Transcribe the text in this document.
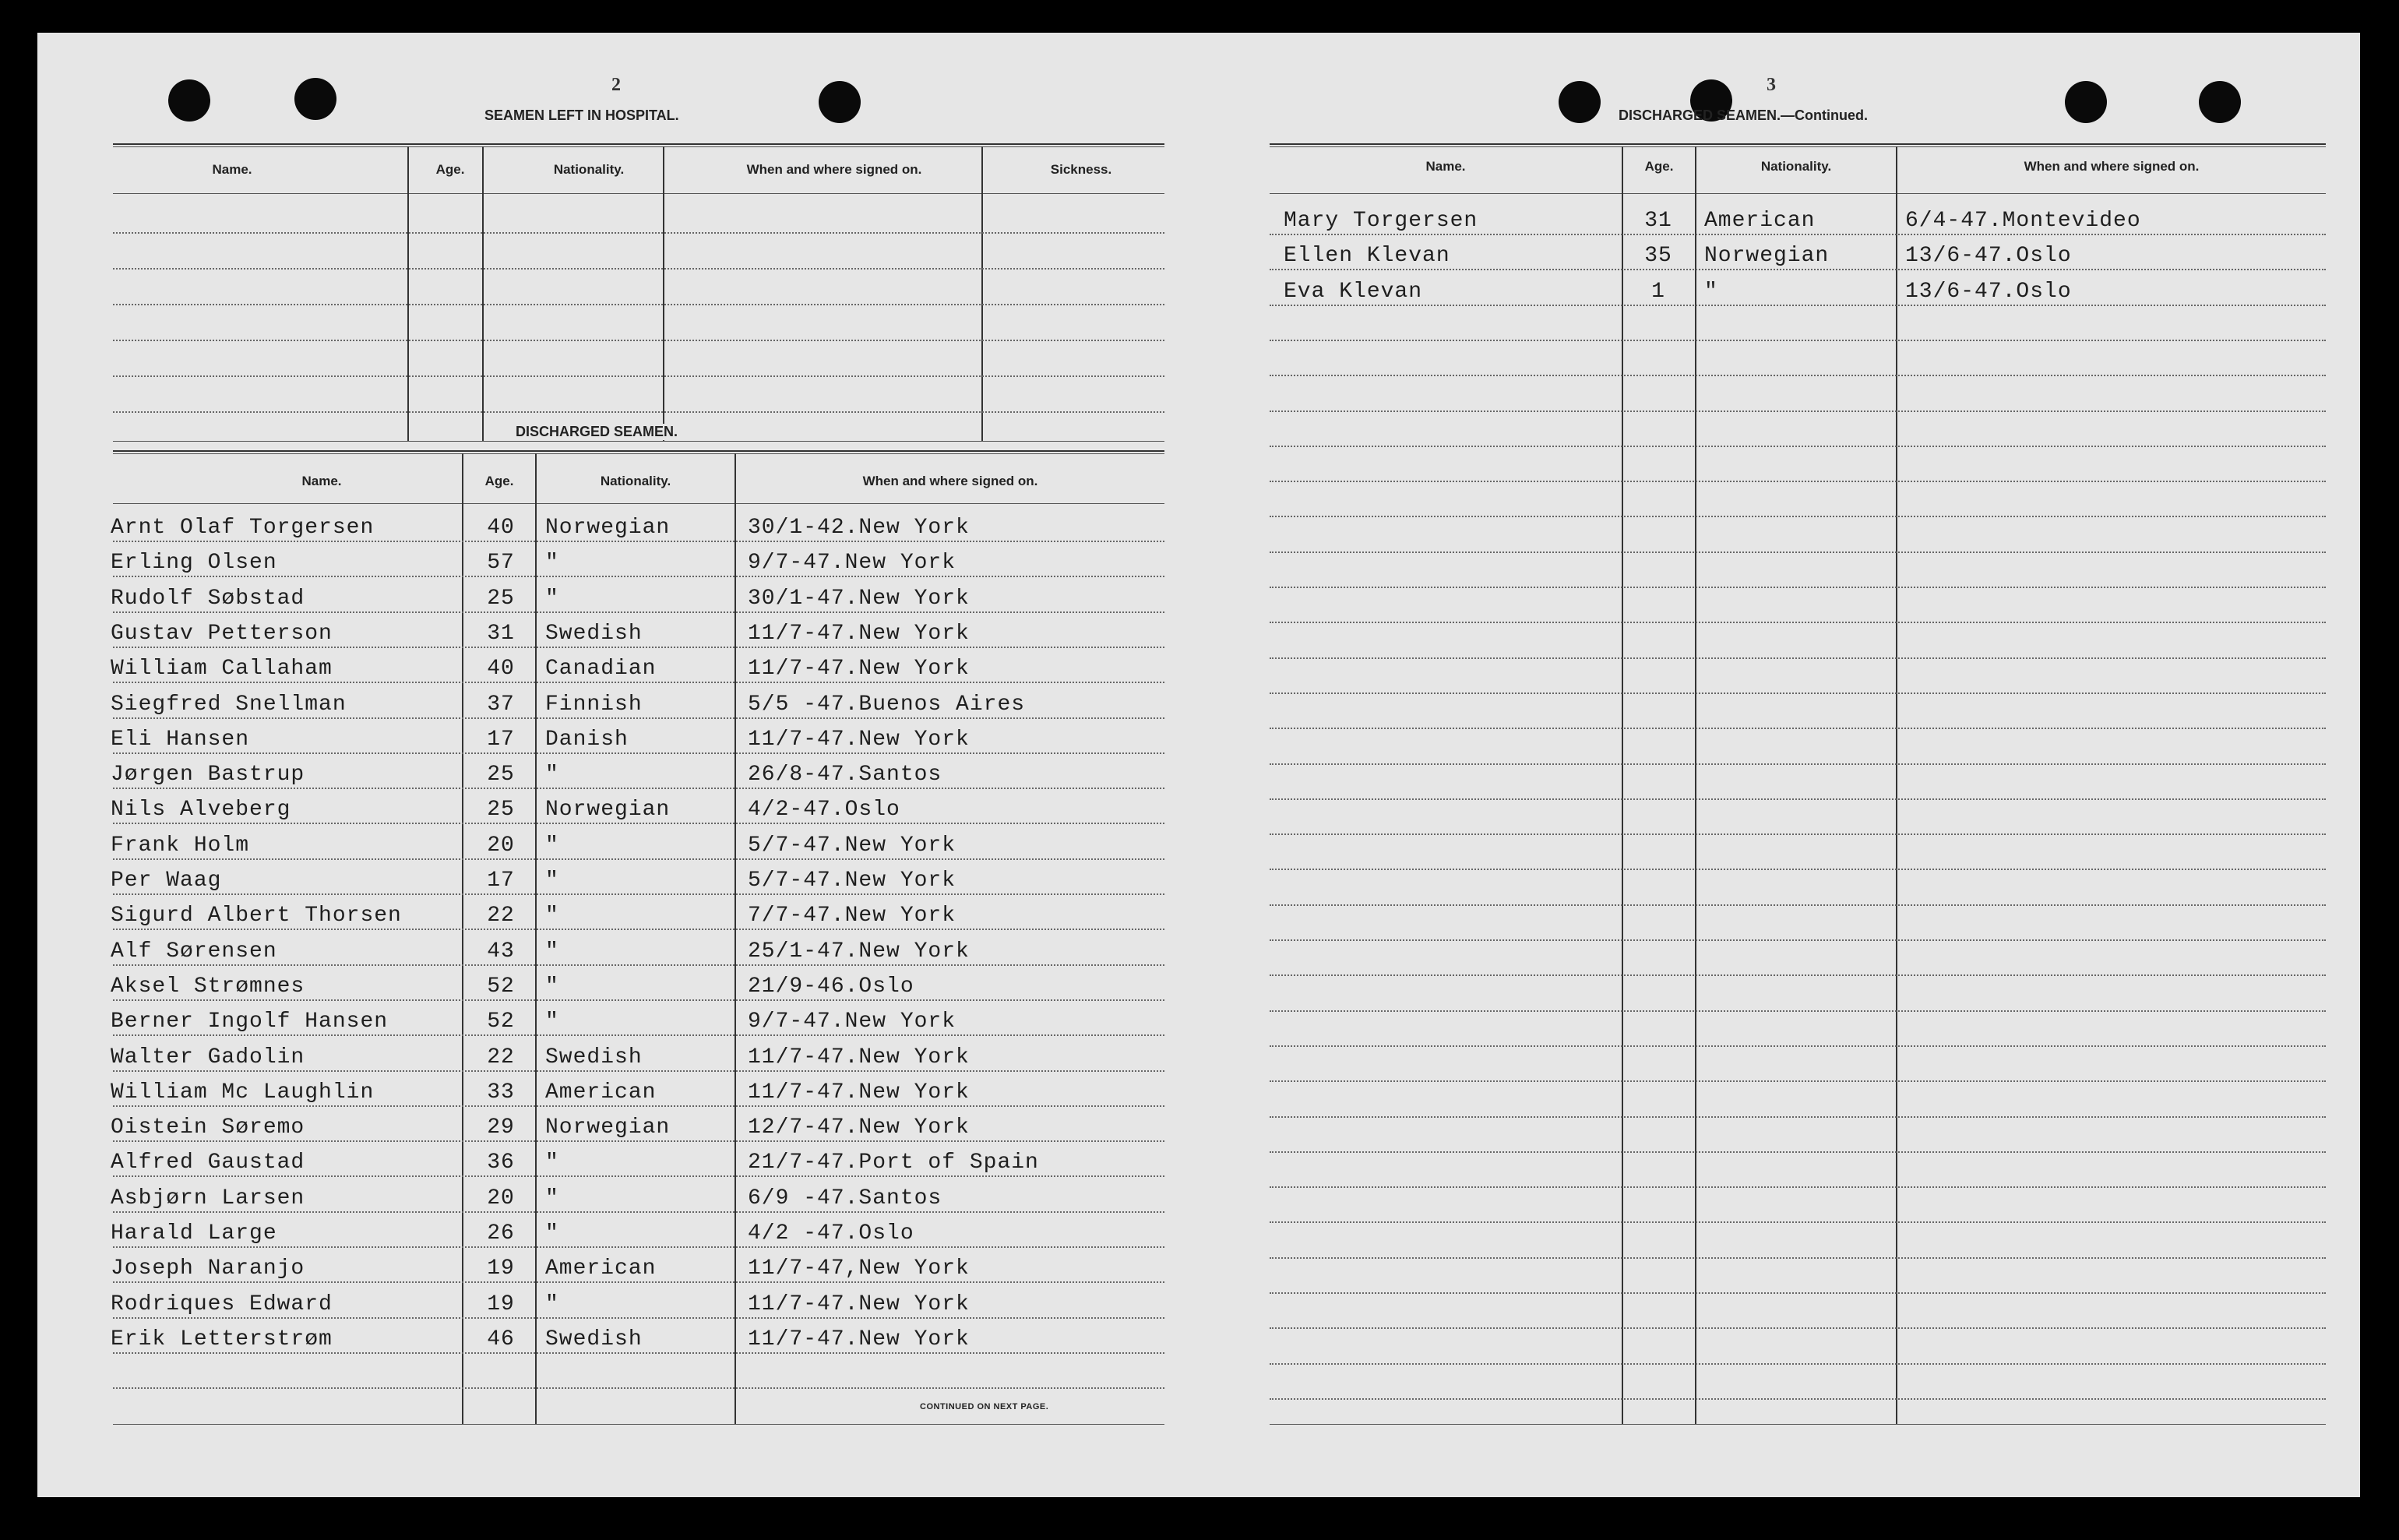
2
SEAMEN LEFT IN HOSPITAL.
Name.	Age.	Nationality.	When and where signed on.	Sickness.
DISCHARGED SEAMEN.
Name.	Age.	Nationality.	When and where signed on.
Arnt Olaf Torgersen	40	Norwegian	30/1-42.New York
Erling Olsen	57	"	9/7-47.New York
Rudolf Søbstad	25	"	30/1-47.New York
Gustav Petterson	31	Swedish	11/7-47.New York
William Callaham	40	Canadian	11/7-47.New York
Siegfred Snellman	37	Finnish	5/5 -47.Buenos Aires
Eli Hansen	17	Danish	11/7-47.New York
Jørgen Bastrup	25	"	26/8-47.Santos
Nils Alveberg	25	Norwegian	4/2-47.Oslo
Frank Holm	20	"	5/7-47.New York
Per Waag	17	"	5/7-47.New York
Sigurd Albert Thorsen	22	"	7/7-47.New York
Alf Sørensen	43	"	25/1-47.New York
Aksel Strømnes	52	"	21/9-46.Oslo
Berner Ingolf Hansen	52	"	9/7-47.New York
Walter Gadolin	22	Swedish	11/7-47.New York
William Mc Laughlin	33	American	11/7-47.New York
Oistein Søremo	29	Norwegian	12/7-47.New York
Alfred Gaustad	36	"	21/7-47.Port of Spain
Asbjørn Larsen	20	"	6/9 -47.Santos
Harald Large	26	"	4/2 -47.Oslo
Joseph Naranjo	19	American	11/7-47,New York
Rodriques Edward	19	"	11/7-47.New York
Erik Letterstrøm	46	Swedish	11/7-47.New York
CONTINUED ON NEXT PAGE.
3
DISCHARGED SEAMEN.—Continued.
Name.	Age.	Nationality.	When and where signed on.
Mary Torgersen	31	American	6/4-47.Montevideo
Ellen Klevan	35	Norwegian	13/6-47.Oslo
Eva Klevan	1	"	13/6-47.Oslo
